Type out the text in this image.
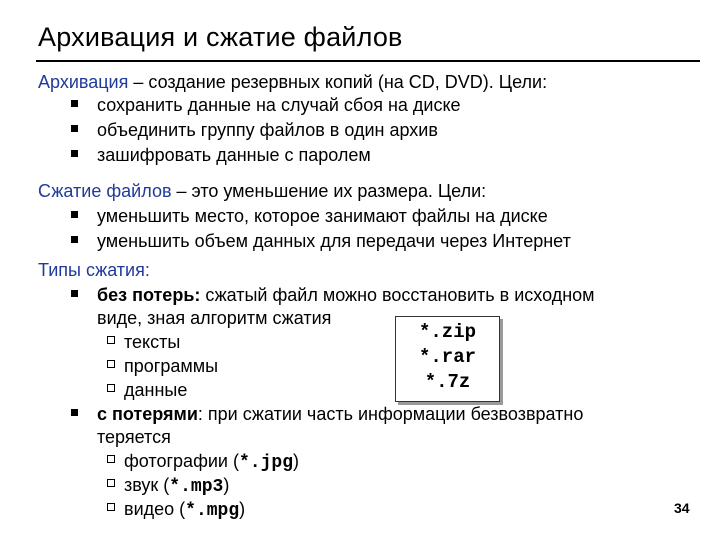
Архивация и сжатие файлов
Архивация – создание резервных копий (на CD, DVD). Цели:
сохранить данные на случай сбоя на диске
объединить группу файлов в один архив
зашифровать данные с паролем
Сжатие файлов – это уменьшение их размера. Цели:
уменьшить место, которое занимают файлы на диске
уменьшить объем данных для передачи через Интернет
Типы сжатия:
без потерь: сжатый файл можно восстановить в исходном
виде, зная алгоритм сжатия
тексты
программы
данные
*.zip
*.rar
*.7z
с потерями: при сжатии часть информации безвозвратно
теряется
фотографии (*.jpg)
звук (*.mp3)
видео (*.mpg)	34
